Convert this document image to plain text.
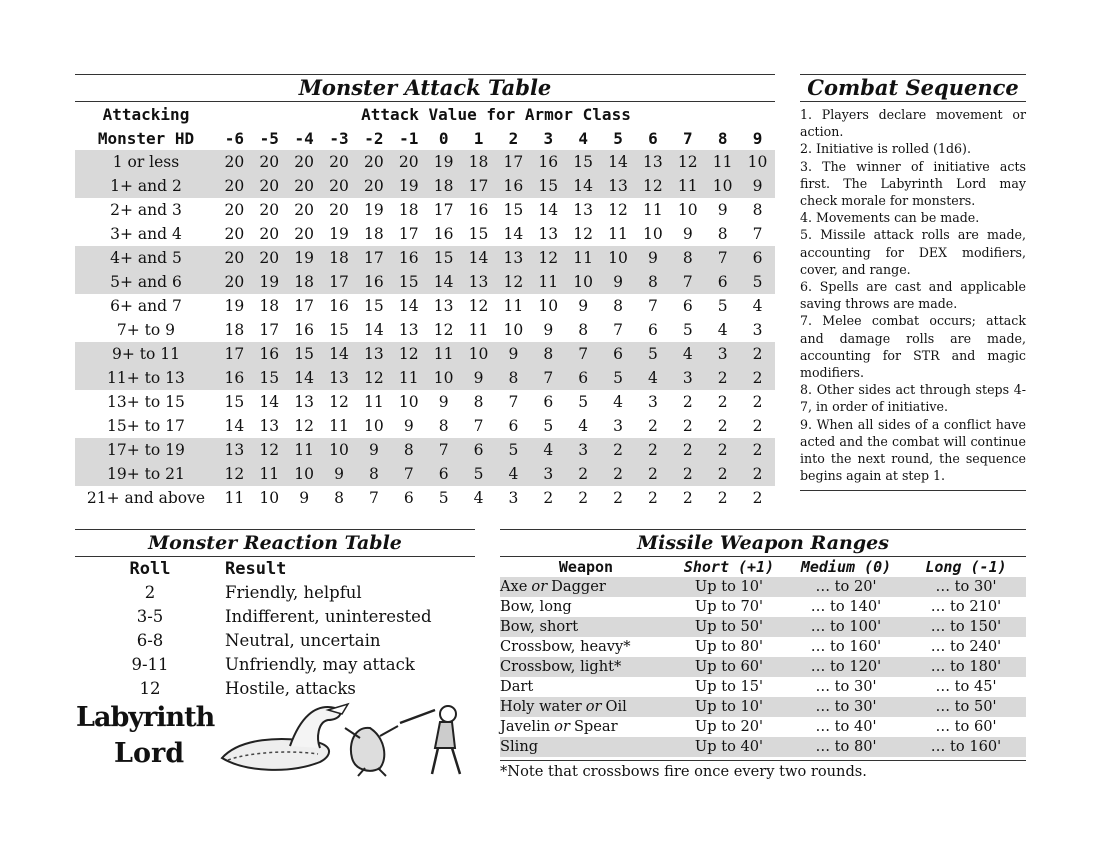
Monster Attack Table
Attacking	Attack Value for Armor Class															
Monster HD	-6	-5	-4	-3	-2	-1	0	1	2	3	4	5	6	7	8	9
1 or less	20	20	20	20	20	20	19	18	17	16	15	14	13	12	11	10
1+ and 2	20	20	20	20	20	19	18	17	16	15	14	13	12	11	10	9
2+ and 3	20	20	20	20	19	18	17	16	15	14	13	12	11	10	9	8
3+ and 4	20	20	20	19	18	17	16	15	14	13	12	11	10	9	8	7
4+ and 5	20	20	19	18	17	16	15	14	13	12	11	10	9	8	7	6
5+ and 6	20	19	18	17	16	15	14	13	12	11	10	9	8	7	6	5
6+ and 7	19	18	17	16	15	14	13	12	11	10	9	8	7	6	5	4
7+ to 9	18	17	16	15	14	13	12	11	10	9	8	7	6	5	4	3
9+ to 11	17	16	15	14	13	12	11	10	9	8	7	6	5	4	3	2
11+ to 13	16	15	14	13	12	11	10	9	8	7	6	5	4	3	2	2
13+ to 15	15	14	13	12	11	10	9	8	7	6	5	4	3	2	2	2
15+ to 17	14	13	12	11	10	9	8	7	6	5	4	3	2	2	2	2
17+ to 19	13	12	11	10	9	8	7	6	5	4	3	2	2	2	2	2
19+ to 21	12	11	10	9	8	7	6	5	4	3	2	2	2	2	2	2
21+ and above	11	10	9	8	7	6	5	4	3	2	2	2	2	2	2	2
Combat Sequence

1. Players declare movement or action.

2. Initiative is rolled (1d6).

3. The winner of initiative acts first. The Labyrinth Lord may check morale for monsters.

4. Movements can be made.

5. Missile attack rolls are made, accounting for DEX modifiers, cover, and range.

6. Spells are cast and applicable saving throws are made.

7. Melee combat occurs; attack and damage rolls are made, accounting for STR and magic modifiers.

8. Other sides act through steps 4-7, in order of initiative.

9. When all sides of a conflict have acted and the combat will continue into the next round, the sequence begins again at step 1.

Monster Reaction Table
Roll	Result
2	Friendly, helpful
3-5	Indifferent, uninterested
6-8	Neutral, uncertain
9-11	Unfriendly, may attack
12	Hostile, attacks
Labyrinth
Lord
Missile Weapon Ranges
Weapon	Short (+1)	Medium (0)	Long (-1)
Axe or Dagger	Up to 10'	… to 20'	… to 30'
Bow, long	Up to 70'	… to 140'	… to 210'
Bow, short	Up to 50'	… to 100'	… to 150'
Crossbow, heavy*	Up to 80'	… to 160'	… to 240'
Crossbow, light*	Up to 60'	… to 120'	… to 180'
Dart	Up to 15'	… to 30'	… to 45'
Holy water or Oil	Up to 10'	… to 30'	… to 50'
Javelin or Spear	Up to 20'	… to 40'	… to 60'
Sling	Up to 40'	… to 80'	… to 160'
*Note that crossbows fire once every two rounds.
